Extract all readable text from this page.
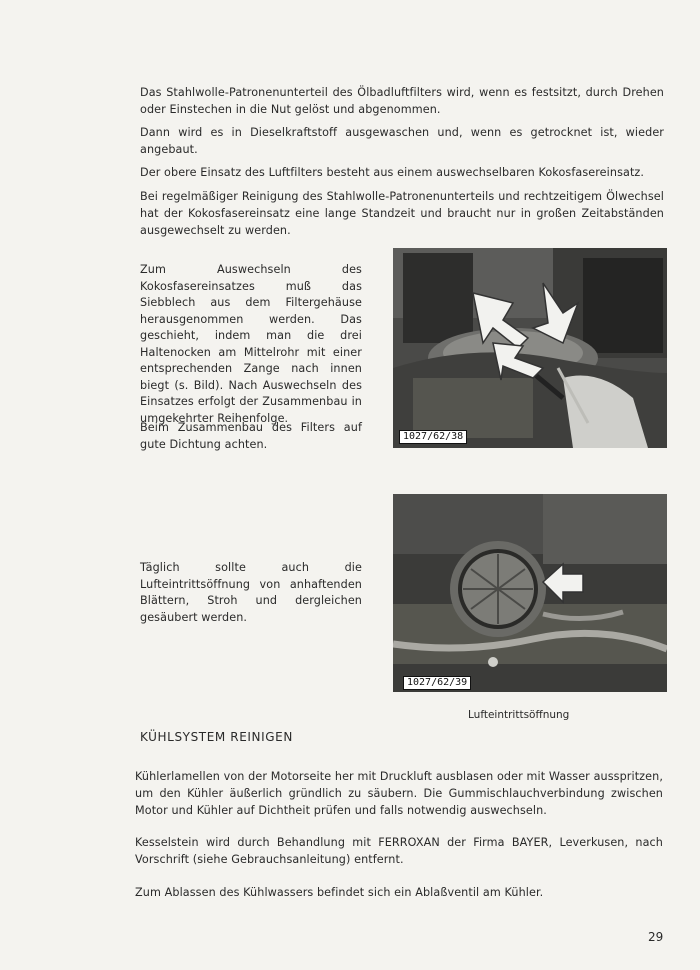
Das Stahlwolle-Patronenunterteil des Ölbadluftfilters wird, wenn es festsitzt, durch Drehen oder Einstechen in die Nut gelöst und abgenommen.

Dann wird es in Dieselkraftstoff ausgewaschen und, wenn es getrocknet ist, wieder angebaut.

Der obere Einsatz des Luftfilters besteht aus einem auswechselbaren Kokosfasereinsatz.

Bei regelmäßiger Reinigung des Stahlwolle-Patronenunterteils und rechtzeitigem Ölwechsel hat der Kokosfasereinsatz eine lange Standzeit und braucht nur in großen Zeitabständen ausgewechselt zu werden.

Zum Auswechseln des Kokosfasereinsatzes muß das Siebblech aus dem Filtergehäuse herausgenommen werden. Das geschieht, indem man die drei Haltenocken am Mittelrohr mit einer entsprechenden Zange nach innen biegt (s. Bild). Nach Auswechseln des Einsatzes erfolgt der Zusammenbau in umgekehrter Reihenfolge.

Beim Zusammenbau des Filters auf gute Dichtung achten.

1027/62/38

Täglich sollte auch die Lufteintrittsöffnung von anhaftenden Blättern, Stroh und dergleichen gesäubert werden.

1027/62/39
Lufteintrittsöffnung
KÜHLSYSTEM REINIGEN

Kühlerlamellen von der Motorseite her mit Druckluft ausblasen oder mit Wasser ausspritzen, um den Kühler äußerlich gründlich zu säubern. Die Gummischlauchverbindung zwischen Motor und Kühler auf Dichtheit prüfen und falls notwendig auswechseln.

Kesselstein wird durch Behandlung mit FERROXAN der Firma BAYER, Leverkusen, nach Vorschrift (siehe Gebrauchsanleitung) entfernt.

Zum Ablassen des Kühlwassers befindet sich ein Ablaßventil am Kühler.

29
